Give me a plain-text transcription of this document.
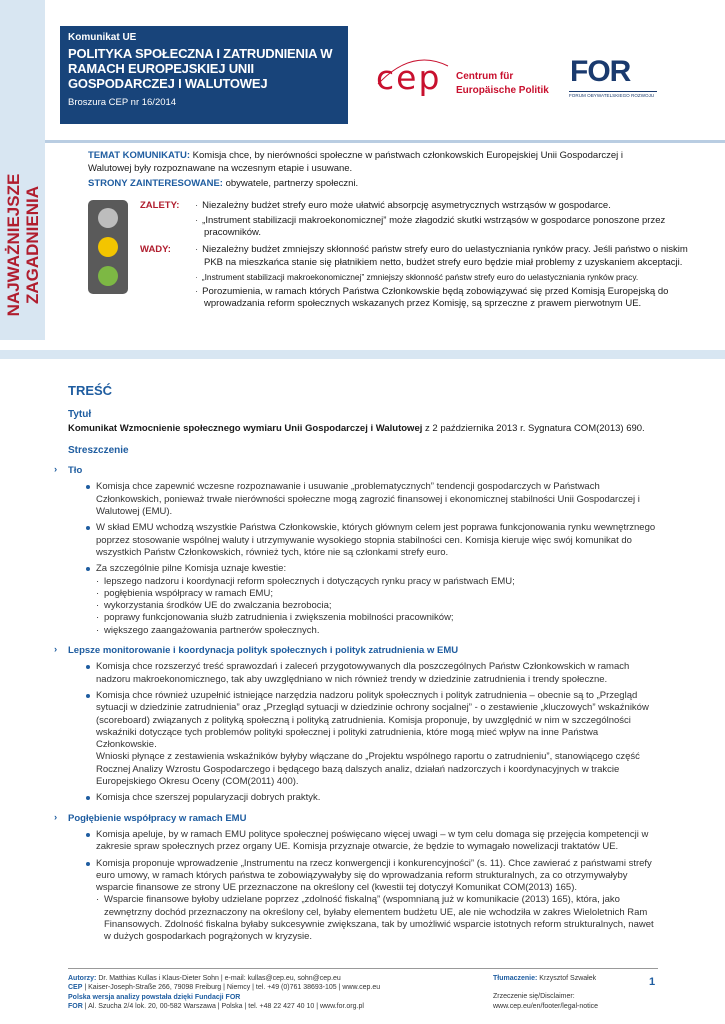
Komunikat UE
POLITYKA SPOŁECZNA I ZATRUDNIENIA W RAMACH EUROPEJSKIEJ UNII GOSPODARCZEJ I WALUTOWEJ
Broszura CEP nr 16/2014
cep Centrum für
Europäische Politik
FOR
FORUM OBYWATELSKIEGO ROZWOJU
NAJWAŻNIEJSZE ZAGADNIENIA
TEMAT KOMUNIKATU: Komisja chce, by nierówności społeczne w państwach członkowskich Europejskiej Unii Gospodarczej i Walutowej były rozpoznawane na wczesnym etapie i usuwane.
STRONY ZAINTERESOWANE: obywatele, partnerzy społeczni.
ZALETY:	· Niezależny budżet strefy euro może ułatwić absorpcję asymetrycznych wstrząsów w gospodarce.
· „Instrument stabilizacji makroekonomicznej” może złagodzić skutki wstrząsów w gospodarce ponoszone przez pracowników.
WADY:	· Niezależny budżet zmniejszy skłonność państw strefy euro do uelastyczniania rynków pracy. Jeśli państwo o niskim PKB na mieszkańca stanie się płatnikiem netto, budżet strefy euro będzie miał problemy z uzyskaniem akceptacji.
· „Instrument stabilizacji makroekonomicznej” zmniejszy skłonność państw strefy euro do uelastyczniania rynków pracy.
· Porozumienia, w ramach których Państwa Członkowskie będą zobowiązywać się przed Komisją Europejską do wprowadzania reform społecznych wskazanych przez Komisję, są sprzeczne z prawem pierwotnym UE.
TREŚĆ
Tytuł
Komunikat Wzmocnienie społecznego wymiaru Unii Gospodarczej i Walutowej z 2 października 2013 r. Sygnatura COM(2013) 690.
Streszczenie
› Tło
Komisja chce zapewnić wczesne rozpoznawanie i usuwanie „problematycznych” tendencji gospodarczych w Państwach Członkowskich, ponieważ trwałe nierówności społeczne mogą zagrozić finansowej i ekonomicznej stabilności Unii Gospodarczej i Walutowej (EMU).
W skład EMU wchodzą wszystkie Państwa Członkowskie, których głównym celem jest poprawa funkcjonowania rynku wewnętrznego poprzez stosowanie wspólnej waluty i utrzymywanie wysokiego stopnia stabilności cen. Komisja kieruje więc swój komunikat do wszystkich Państw Członkowskich, również tych, które nie są członkami strefy euro.
Za szczególnie pilne Komisja uznaje kwestie:
· lepszego nadzoru i koordynacji reform społecznych i dotyczących rynku pracy w państwach EMU;
· pogłębienia współpracy w ramach EMU;
· wykorzystania środków UE do zwalczania bezrobocia;
· poprawy funkcjonowania służb zatrudnienia i zwiększenia mobilności pracowników;
· większego zaangażowania partnerów społecznych.
› Lepsze monitorowanie i koordynacja polityk społecznych i polityk zatrudnienia w EMU
Komisja chce rozszerzyć treść sprawozdań i zaleceń przygotowywanych dla poszczególnych Państw Członkowskich w ramach nadzoru makroekonomicznego, tak aby uwzględniano w nich również trendy w dziedzinie zatrudnienia i trendy społeczne.
Komisja chce również uzupełnić istniejące narzędzia nadzoru polityk społecznych i polityk zatrudnienia – obecnie są to „Przegląd sytuacji w dziedzinie zatrudnienia” oraz „Przegląd sytuacji w dziedzinie ochrony socjalnej” - o zestawienie „kluczowych” wskaźników (scoreboard) związanych z polityką społeczną i polityką zatrudnienia. Komisja proponuje, by uwzględnić w nim w szczególności wskaźniki dotyczące tych problemów polityki społecznej i polityki zatrudnienia, które mogą mieć wpływ na inne Państwa Członkowskie.
Wnioski płynące z zestawienia wskaźników byłyby włączane do „Projektu wspólnego raportu o zatrudnieniu”, stanowiącego część Rocznej Analizy Wzrostu Gospodarczego i będącego bazą dalszych analiz, działań nadzorczych i koordynacyjnych w trakcie Europejskiego Okresu Oceny (COM(2011) 400).
Komisja chce szerszej popularyzacji dobrych praktyk.
› Pogłębienie współpracy w ramach EMU
Komisja apeluje, by w ramach EMU polityce społecznej poświęcano więcej uwagi – w tym celu domaga się przejęcia kompetencji w zakresie spraw społecznych przez organy UE. Komisja przyznaje otwarcie, że będzie to wymagało nowelizacji traktatów UE.
Komisja proponuje wprowadzenie „Instrumentu na rzecz konwergencji i konkurencyjności” (s. 11). Chce zawierać z państwami strefy euro umowy, w ramach których państwa te zobowiązywałyby się do wprowadzania reform strukturalnych, za co otrzymywałyby wsparcie finansowe ze strony UE przeznaczone na określony cel (kwestii tej dotyczył Komunikat COM(2013) 165).
· Wsparcie finansowe byłoby udzielane poprzez „zdolność fiskalną” (wspomnianą już w komunikacie (2013) 165), która, jako zewnętrzny dochód przeznaczony na określony cel, byłaby elementem budżetu UE, ale nie wchodziła w zakres Wieloletnich Ram Finansowych. Zdolność fiskalna byłaby sukcesywnie zwiększana, tak by umożliwić wsparcie istotnych reform strukturalnych, nawet w dużych gospodarkach pogrążonych w kryzysie.
Autorzy: Dr. Matthias Kullas i Klaus-Dieter Sohn | e-mail: kullas@cep.eu, sohn@cep.eu
CEP | Kaiser-Joseph-Straße 266, 79098 Freiburg | Niemcy | tel. +49 (0)761 38693-105 | www.cep.eu
Polska wersja analizy powstała dzięki Fundacji FOR
FOR | Al. Szucha 2/4 lok. 20, 00-582 Warszawa | Polska | tel. +48 22 427 40 10 | www.for.org.pl
Tłumaczenie: Krzysztof Szwałek
Zrzeczenie się/Disclaimer:
www.cep.eu/en/footer/legal-notice
1
